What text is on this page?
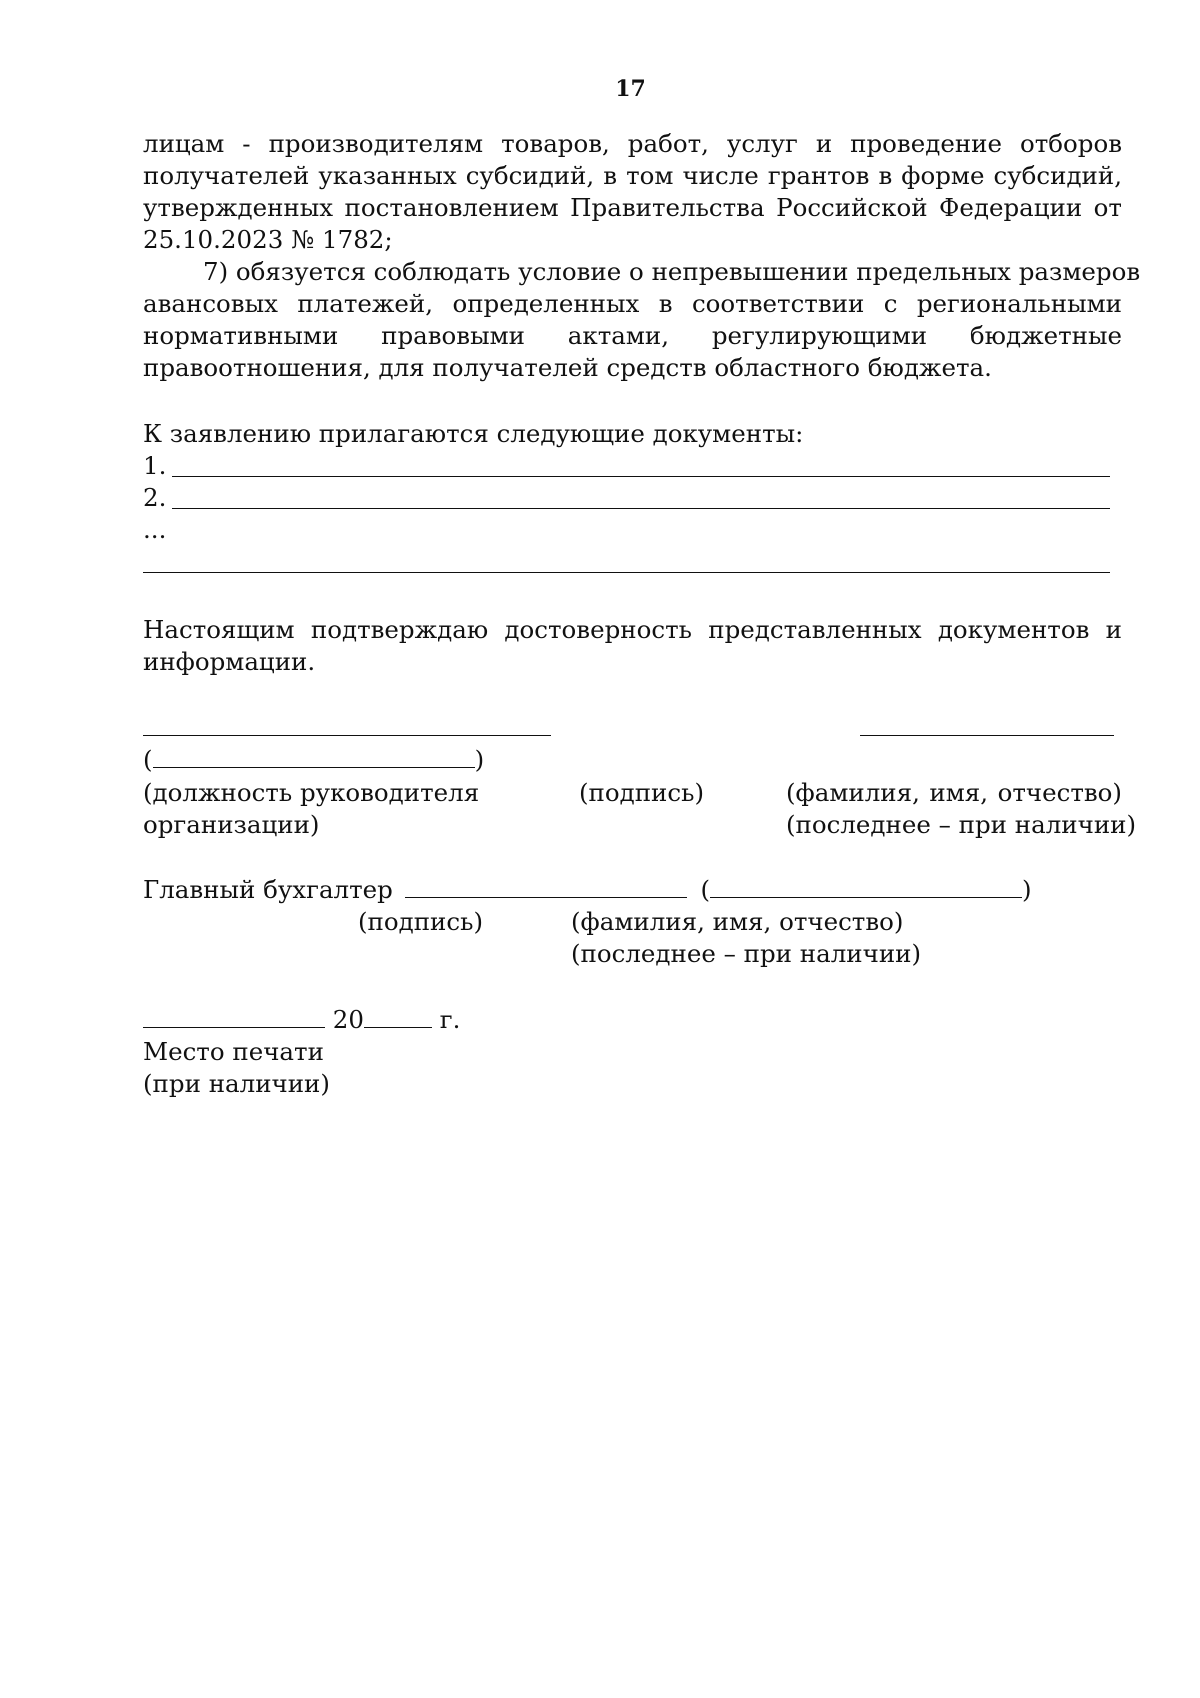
17
лицам - производителям товаров, работ, услуг и проведение отборов
получателей указанных субсидий, в том числе грантов в форме субсидий,
утвержденных постановлением Правительства Российской Федерации от
25.10.2023 № 1782;
7) обязуется соблюдать условие о непревышении предельных размеров
авансовых платежей, определенных в соответствии с региональными
нормативными правовыми актами, регулирующими бюджетные
правоотношения, для получателей средств областного бюджета.
К заявлению прилагаются следующие документы:
1.
2.
...
Настоящим подтверждаю достоверность представленных документов и
информации.
(	)
(должность руководителя
организации)
(подпись)	(фамилия, имя, отчество)
(последнее – при наличии)
Главный бухгалтер	(	)
(подпись)	(фамилия, имя, отчество)
(последнее – при наличии)
20	г.
Место печати
(при наличии)
